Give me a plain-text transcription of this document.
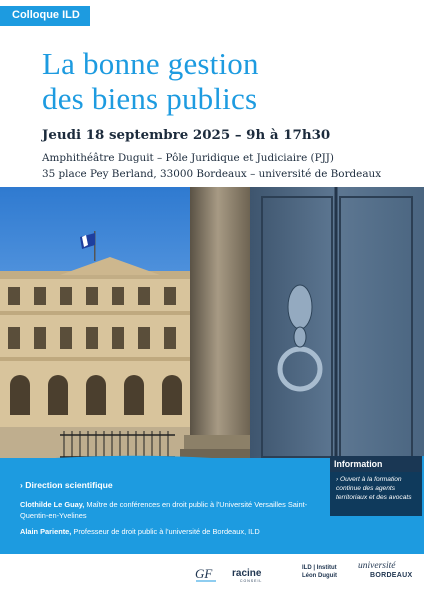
Colloque ILD
La bonne gestion
des biens publics
Jeudi 18 septembre 2025 – 9h à 17h30
Amphithéâtre Duguit – Pôle Juridique et Judiciaire (PJJ)
35 place Pey Berland, 33000 Bordeaux – université de Bordeaux
› Direction scientifique
Clothilde Le Guay, Maître de conférences en droit public à l'Université Versailles Saint-Quentin-en-Yvelines
Alain Pariente, Professeur de droit public à l'université de Bordeaux, ILD
Information
› Ouvert à la formation continue des agents territoriaux et des avocats
GF racine
CONSEIL
ILD | Institut
Léon Duguit
université
BORDEAUX
